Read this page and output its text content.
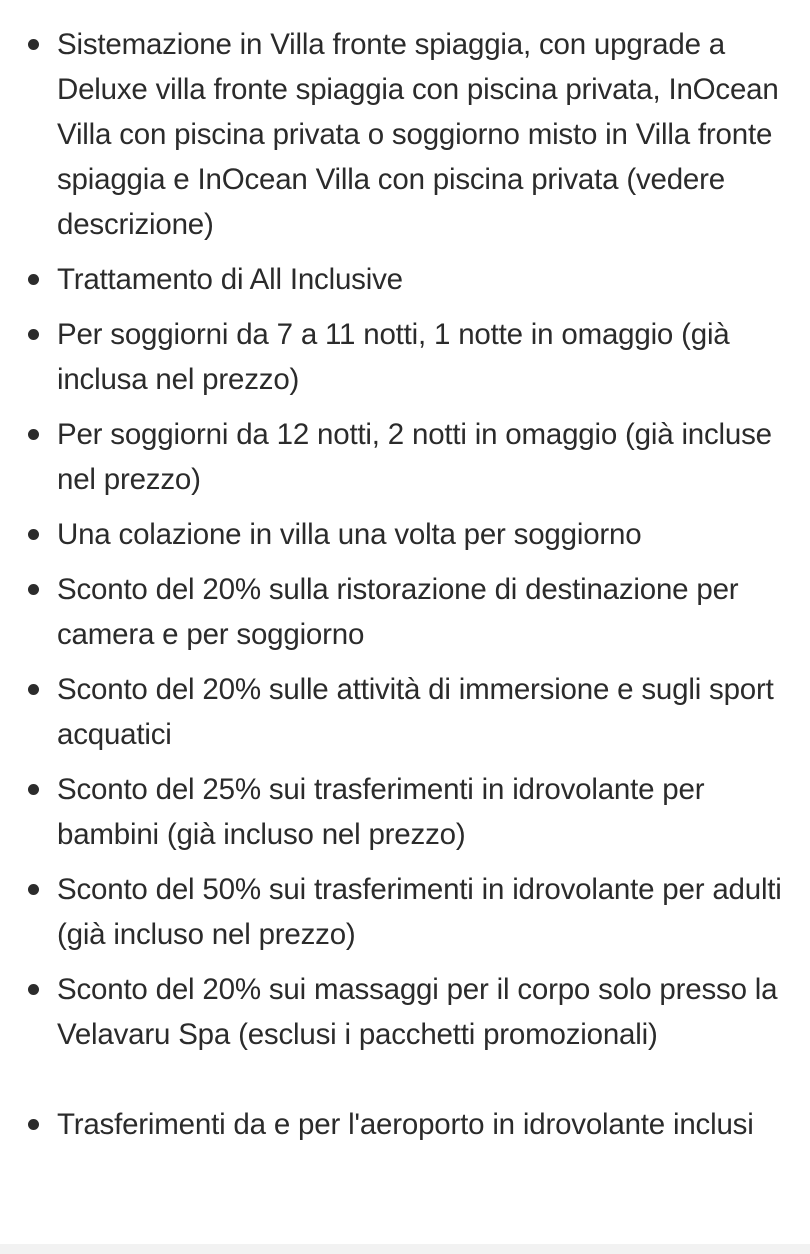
Sistemazione in Villa fronte spiaggia, con upgrade a Deluxe villa fronte spiaggia con piscina privata, InOcean Villa con piscina privata o soggiorno misto in Villa fronte spiaggia e InOcean Villa con piscina privata (vedere descrizione)
Trattamento di All Inclusive
Per soggiorni da 7 a 11 notti, 1 notte in omaggio (già inclusa nel prezzo)
Per soggiorni da 12 notti, 2 notti in omaggio (già incluse nel prezzo)
Una colazione in villa una volta per soggiorno
Sconto del 20% sulla ristorazione di destinazione per camera e per soggiorno
Sconto del 20% sulle attività di immersione e sugli sport acquatici
Sconto del 25% sui trasferimenti in idrovolante per bambini (già incluso nel prezzo)
Sconto del 50% sui trasferimenti in idrovolante per adulti (già incluso nel prezzo)
Sconto del 20% sui massaggi per il corpo solo presso la Velavaru Spa (esclusi i pacchetti promozionali)
Trasferimenti da e per l'aeroporto in idrovolante inclusi
